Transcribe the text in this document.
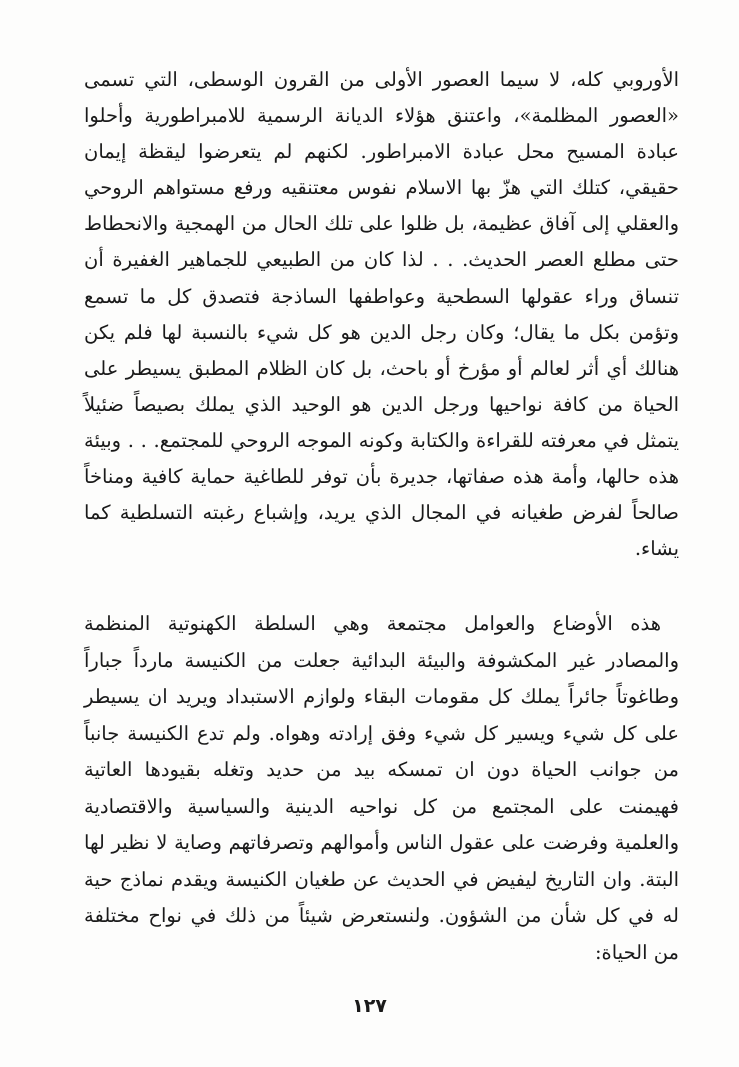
الأوروبي كله، لا سيما العصور الأولى من القرون الوسطى، التي تسمى «العصور المظلمة»، واعتنق هؤلاء الديانة الرسمية للامبراطورية وأحلوا عبادة المسيح محل عبادة الامبراطور. لكنهم لم يتعرضوا ليقظة إيمان حقيقي، كتلك التي هزّ بها الاسلام نفوس معتنقيه ورفع مستواهم الروحي والعقلي إلى آفاق عظيمة، بل ظلوا على تلك الحال من الهمجية والانحطاط حتى مطلع العصر الحديث. . . لذا كان من الطبيعي للجماهير الغفيرة أن تنساق وراء عقولها السطحية وعواطفها الساذجة فتصدق كل ما تسمع وتؤمن بكل ما يقال؛ وكان رجل الدين هو كل شيء بالنسبة لها فلم يكن هنالك أي أثر لعالم أو مؤرخ أو باحث، بل كان الظلام المطبق يسيطر على الحياة من كافة نواحيها ورجل الدين هو الوحيد الذي يملك بصيصاً ضئيلاً يتمثل في معرفته للقراءة والكتابة وكونه الموجه الروحي للمجتمع. . . وبيئة هذه حالها، وأمة هذه صفاتها، جديرة بأن توفر للطاغية حماية كافية ومناخاً صالحاً لفرض طغيانه في المجال الذي يريد، وإشباع رغبته التسلطية كما يشاء.

هذه الأوضاع والعوامل مجتمعة وهي السلطة الكهنوتية المنظمة والمصادر غير المكشوفة والبيئة البدائية جعلت من الكنيسة مارداً جباراً وطاغوتاً جائراً يملك كل مقومات البقاء ولوازم الاستبداد ويريد ان يسيطر على كل شيء ويسير كل شيء وفق إرادته وهواه. ولم تدع الكنيسة جانباً من جوانب الحياة دون ان تمسكه بيد من حديد وتغله بقيودها العاتية فهيمنت على المجتمع من كل نواحيه الدينية والسياسية والاقتصادية والعلمية وفرضت على عقول الناس وأموالهم وتصرفاتهم وصاية لا نظير لها البتة. وان التاريخ ليفيض في الحديث عن طغيان الكنيسة ويقدم نماذج حية له في كل شأن من الشؤون. ولنستعرض شيئاً من ذلك في نواح مختلفة من الحياة:

١٢٧
